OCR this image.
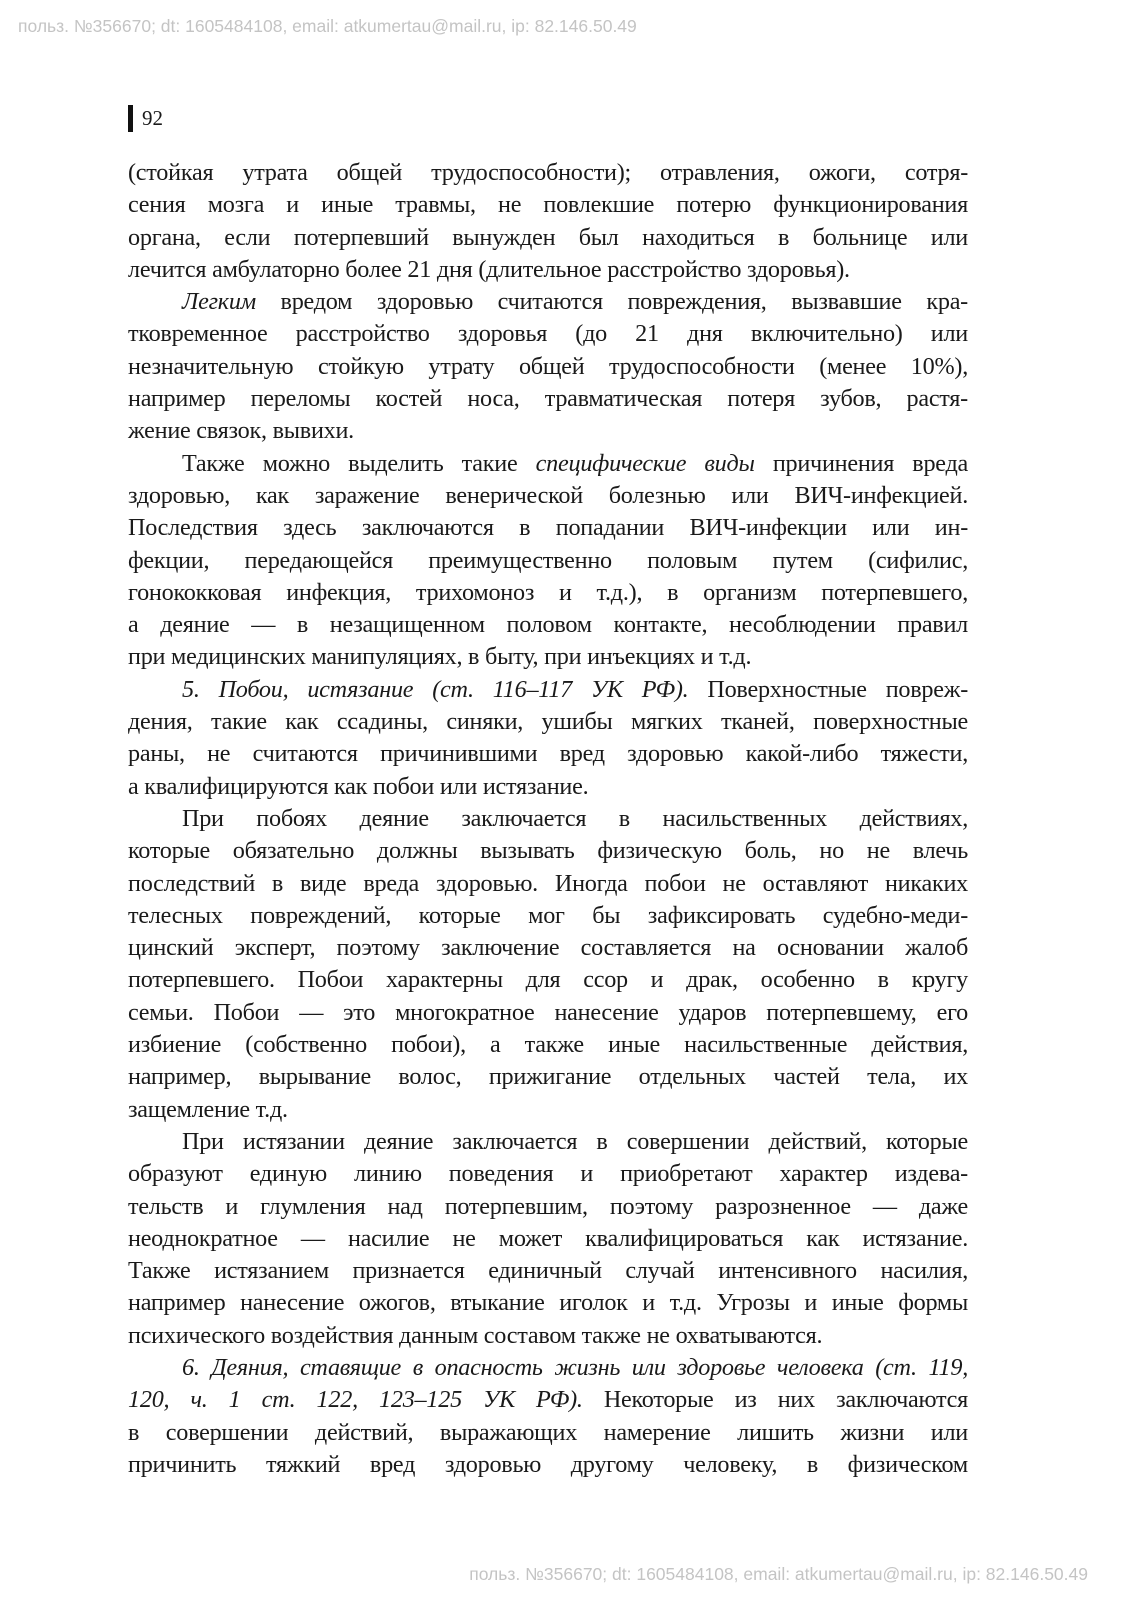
польз. №356670; dt: 1605484108, email: atkumertau@mail.ru, ip: 82.146.50.49
92
(стойкая утрата общей трудоспособности); отравления, ожоги, сотря-
сения мозга и иные травмы, не повлекшие потерю функционирования
органа, если потерпевший вынужден был находиться в больнице или
лечится амбулаторно более 21 дня (длительное расстройство здоровья).
Легким вредом здоровью считаются повреждения, вызвавшие кра-
тковременное расстройство здоровья (до 21 дня включительно) или
незначительную стойкую утрату общей трудоспособности (менее 10%),
например переломы костей носа, травматическая потеря зубов, растя-
жение связок, вывихи.
Также можно выделить такие специфические виды причинения вреда
здоровью, как заражение венерической болезнью или ВИЧ-инфекцией.
Последствия здесь заключаются в попадании ВИЧ-инфекции или ин-
фекции, передающейся преимущественно половым путем (сифилис,
гонококковая инфекция, трихомоноз и т.д.), в организм потерпевшего,
а деяние — в незащищенном половом контакте, несоблюдении правил
при медицинских манипуляциях, в быту, при инъекциях и т.д.
5. Побои, истязание (ст. 116–117 УК РФ). Поверхностные повреж-
дения, такие как ссадины, синяки, ушибы мягких тканей, поверхностные
раны, не считаются причинившими вред здоровью какой-либо тяжести,
а квалифицируются как побои или истязание.
При побоях деяние заключается в насильственных действиях,
которые обязательно должны вызывать физическую боль, но не влечь
последствий в виде вреда здоровью. Иногда побои не оставляют никаких
телесных повреждений, которые мог бы зафиксировать судебно-меди-
цинский эксперт, поэтому заключение составляется на основании жалоб
потерпевшего. Побои характерны для ссор и драк, особенно в кругу
семьи. Побои — это многократное нанесение ударов потерпевшему, его
избиение (собственно побои), а также иные насильственные действия,
например, вырывание волос, прижигание отдельных частей тела, их
защемление т.д.
При истязании деяние заключается в совершении действий, которые
образуют единую линию поведения и приобретают характер издева-
тельств и глумления над потерпевшим, поэтому разрозненное — даже
неоднократное — насилие не может квалифицироваться как истязание.
Также истязанием признается единичный случай интенсивного насилия,
например нанесение ожогов, втыкание иголок и т.д. Угрозы и иные формы
психического воздействия данным составом также не охватываются.
6. Деяния, ставящие в опасность жизнь или здоровье человека (ст. 119,
120, ч. 1 ст. 122, 123–125 УК РФ). Некоторые из них заключаются
в совершении действий, выражающих намерение лишить жизни или
причинить тяжкий вред здоровью другому человеку, в физическом
польз. №356670; dt: 1605484108, email: atkumertau@mail.ru, ip: 82.146.50.49
